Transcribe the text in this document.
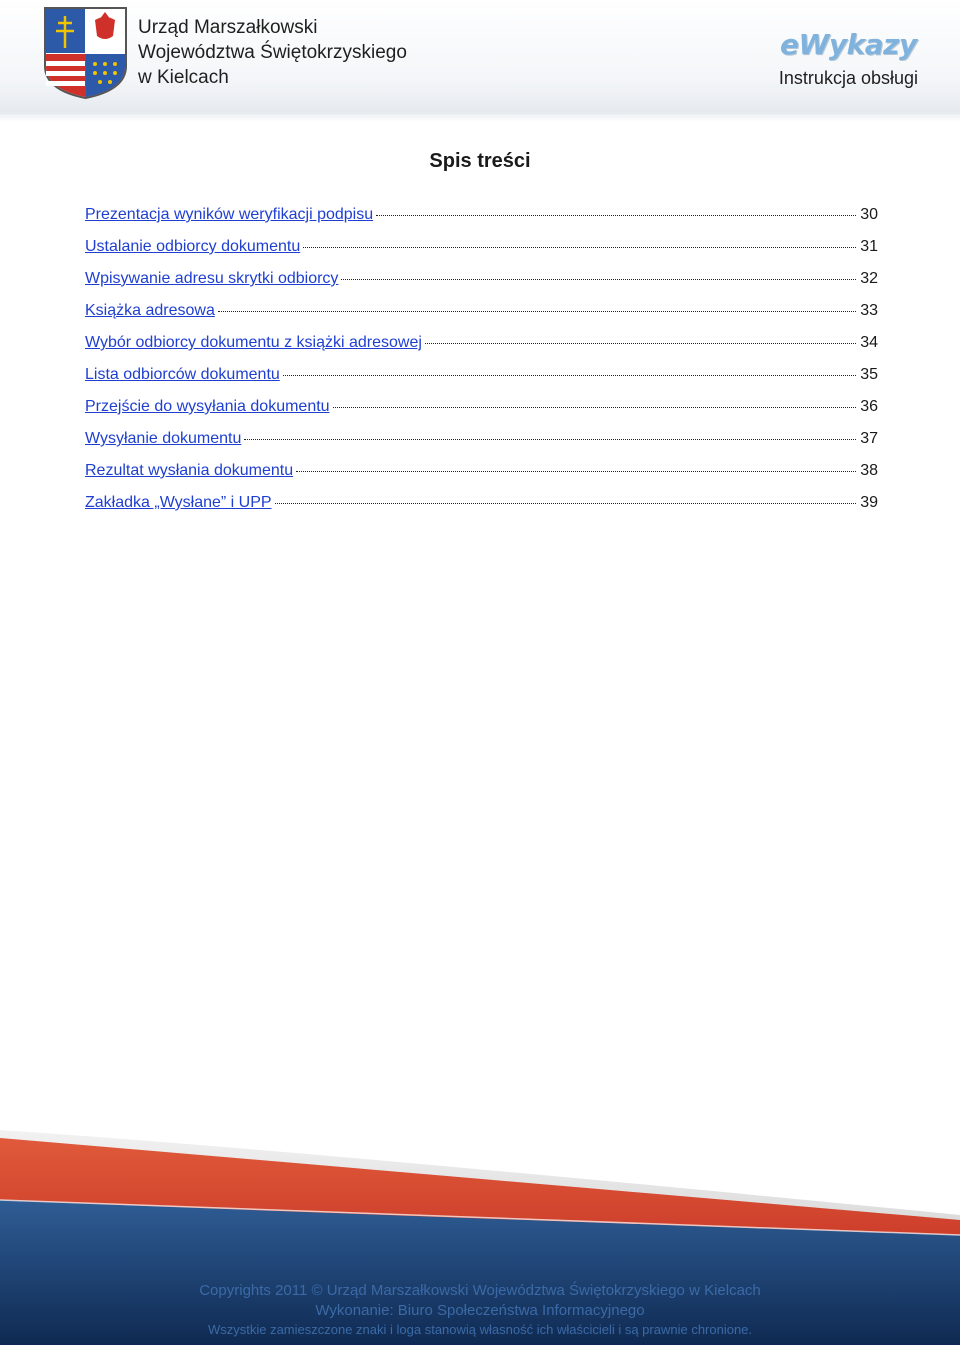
Urząd Marszałkowski
Województwa Świętokrzyskiego
w Kielcach
eWykazy
Instrukcja obsługi
Spis treści
Prezentacja wyników weryfikacji podpisu	30
Ustalanie odbiorcy dokumentu	31
Wpisywanie adresu skrytki odbiorcy	32
Książka adresowa	33
Wybór odbiorcy dokumentu z książki adresowej	34
Lista odbiorców dokumentu	35
Przejście do wysyłania dokumentu	36
Wysyłanie dokumentu	37
Rezultat wysłania dokumentu	38
Zakładka „Wysłane” i UPP	39
Copyrights 2011 © Urząd Marszałkowski Województwa Świętokrzyskiego w Kielcach
Wykonanie: Biuro Społeczeństwa Informacyjnego
Wszystkie zamieszczone znaki i loga stanowią własność ich właścicieli i są prawnie chronione.
